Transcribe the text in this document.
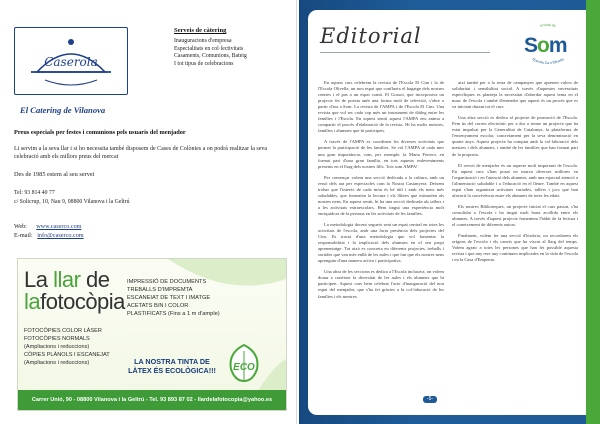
Caserola
El Catering de Vilanova
Serveis de càtering
Inauguracions d'empresa
Especialitats en col·lectivitats
Casaments, Comunions, Bateig
I tot tipus de celebracions
Preus especials per festes i comunions pels usuaris del menjador
Li servim a la seva llar i si ho necessita també disposem de Cases de Colònies a on podrà realitzar la seva celebració amb els millors preus del mercat
Des de 1985 estem al seu servei
Tel: 93 814 40 77
c/ Solicrup, 10, Nau 9, 08800 Vilanova i la Geltrú
Web: www.caserco.com
E-mail: info@caserco.com
La llar de
lafotocòpia
IMPRESSIÓ DE DOCUMENTS
TREBALLS D'IMPREMTA
ESCANEIAT DE TEXT I IMATGE
ACETATS B/N I COLOR
PLASTIFICATS (Fins a 1 m d'ample)
FOTOCÒPIES COLOR LÀSER
FOTOCÒPIES NORMALS
(Ampliacions i reduccions)
CÒPIES PLÀNOLS I ESCANEJAT
(Ampliacions i reduccions)	LA NOSTRA TINTA DE
LÀTEX ÉS ECOLÒGICA!!!	ECO
Carrer Unió, 90 - 08800 Vilanova i la Geltrú - Tel. 93 893 87 02 - llardelafotocopia@yahoo.es
Editorial	revista de
l'Escola Ca n'Olivella
Som

En aquest curs celebrem la revista de l'Escola El Cim i la de l'Escola Olivella, un nou espai que conflueix el bagatge dels nostres centres i el pas a un espai comú. El Gossot, que incorporava un projecte fet de poesia amb una forma molt de televisió, s'obre a partir d'ara a Som. La revista de l'AMPA i de l'Escola El Cim. Una revista que vol ser cada cop més un instrument de diàleg entre les famílies i l'Escola. En aquest sentit aquest l'AMPA ens anima a compartir el procés d'elaboració de la revista. Hi ha molts mestres, famílies i alumnes que hi participen.

A través de l'AMPA es coordinen les diverses activitats que permet la participació de les famílies. Se vol l'AMPA té cada mes una gran importància, com, per exemple, la Marta Ferrero, en format part d'una gran família, en tots aquests esdeveniments presents en el llarg dels nostres fills. Tots som AMPA!

Per començar volem una secció dedicada a la cultura, amb un ressò dels ara per espectacles com la Nostra Castanyera. Deixem trobar que l'interès de cada món és bé útil i amb els nens més saludables, que fomenten la lectura i els llibres que estimulen als nostres nens. En aquest sentit, hi ha una secció dedicada als tallers i a les activitats extraescolars. Hem tingut una experiència molt enriquidora de la persona en les activitats de les famílies.

La metodologia docent segueix sent un espai central en totes les activitats de l'escola, amb una forta presència dels projectes del Cim. Es tracta d'una metodologia que vol fomentar la responsabilitat i la implicació dels alumnes en el seu propi aprenentatge. Tot això es concreta en diferents projectes, treballs i sortides que van més enllà de les aules i que fan que els nostres nens aprenguin d'una manera activa i participativa.

Una altra de les seccions es dedica a l'Escola inclusiva, on volem donar a conèixer la diversitat de les aules i els alumnes que hi participen. Aquest curs hem celebrat l'acte d'inauguració del nou espai del menjador, que s'ha fet gràcies a la col·laboració de les famílies i els mestres.

així també per a la resta de campanyes que aprenen valors de solidaritat i sensibilitat social. A través d'aquestes necessitats específiques es planteja la necessitat d'abordar aquest tema en el marc de l'escola i també d'entendre que aquest és un procés que es va iniciant durant tot el curs.

Una altra secció es dedica al projecte de promoció de l'Escola. Fem ús del correu electrònic per a dur a terme un projecte que ha estat impulsat per la Generalitat de Catalunya, la plataforma de l'ensenyament escolar, concretament per la seva denominació en quatre anys. Aquest projecte ha comptat amb la col·laboració dels mestres i dels alumnes, i també de les famílies que han format part de la proposta.

El servei de menjador és un aspecte molt important de l'escola. En aquest curs s'han posat en marxa diverses millores en l'organització i en l'atenció dels alumnes, amb una especial atenció a l'alimentació saludable i a l'educació en el lleure. També en aquest espai s'han organitzat activitats variades, tallers i jocs que han afavorit la convivència entre els alumnes de totes les edats.

Els nostres Biblioteques, un projecte iniciat el curs passat, s'ha consolidat a l'escola i ha tingut molt bona acollida entre els alumnes. A través d'aquest projecte fomentem l'hàbit de la lectura i el coneixement de diferents autors.

Finalment, volem fer una secció d'història, on recordarem els orígens de l'escola i els canvis que ha viscut al llarg del temps. Volem agrair a totes les persones que han fet possible aquesta revista i que any rere any continuen implicades en la vida de l'escola i en la Casa d'Empenta.

-5-
